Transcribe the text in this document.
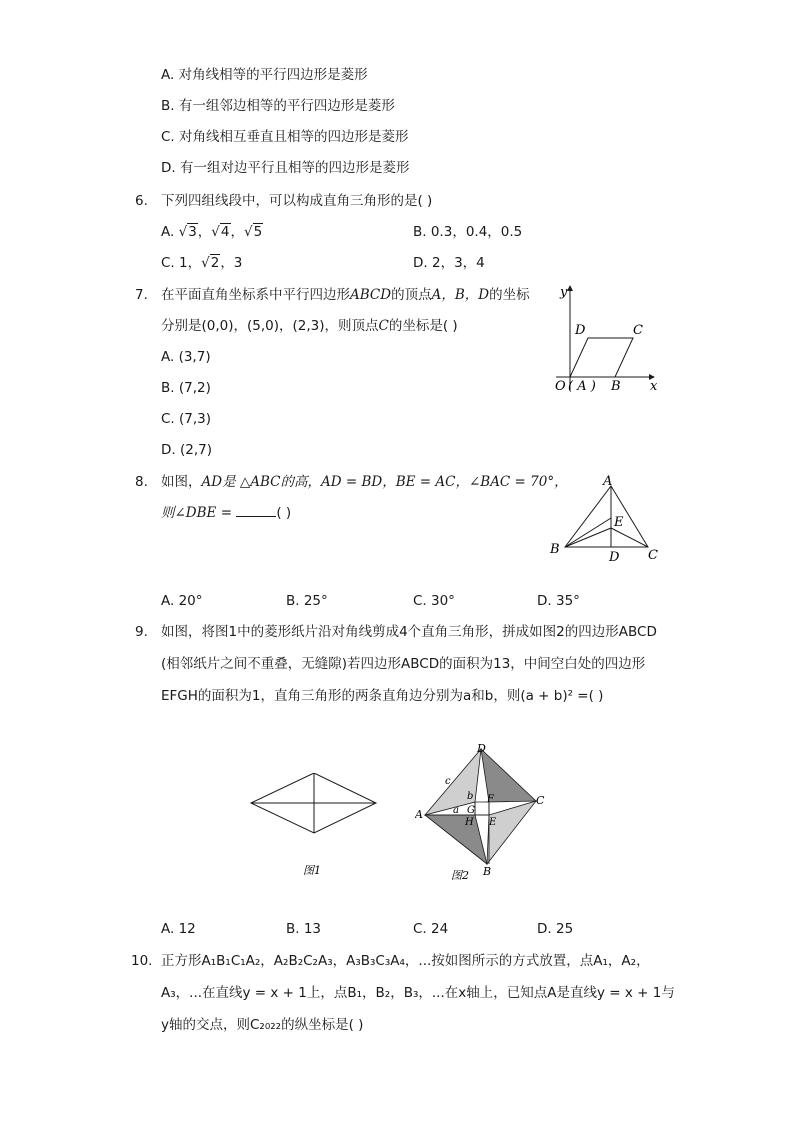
A. 对角线相等的平行四边形是菱形
B. 有一组邻边相等的平行四边形是菱形
C. 对角线相互垂直且相等的四边形是菱形
D. 有一组对边平行且相等的四边形是菱形
6. 下列四组线段中，可以构成直角三角形的是( )
A. √3，√4，√5	B. 0.3，0.4，0.5
C. 1，√2，3	D. 2，3，4
7. 在平面直角坐标系中平行四边形ABCD的顶点A，B，D的坐标
分别是(0,0)，(5,0)，(2,3)，则顶点C的坐标是( )
A. (3,7)
B. (7,2)
C. (7,3)
D. (2,7)
y
x
D	C
O ( A ) B
8. 如图，AD是 △ABC的高，AD = BD，BE = AC，∠BAC = 70°，
则∠DBE =	( )
A
B	C
D
E
A. 20°	B. 25°	C. 30°	D. 35°
9. 如图，将图1中的菱形纸片沿对角线剪成4个直角三角形，拼成如图2的四边形ABCD
(相邻纸片之间不重叠，无缝隙)若四边形ABCD的面积为13，中间空白处的四边形
EFGH的面积为1，直角三角形的两条直角边分别为a和b，则(a + b)² =( )
图1
D
A
C
B
G
F
H E
a
b
c
图2
A. 12	B. 13	C. 24	D. 25
10. 正方形A₁B₁C₁A₂，A₂B₂C₂A₃，A₃B₃C₃A₄，...按如图所示的方式放置，点A₁，A₂，
A₃，...在直线y = x + 1上，点B₁，B₂，B₃，...在x轴上，已知点A是直线y = x + 1与
y轴的交点，则C₂₀₂₂的纵坐标是( )
